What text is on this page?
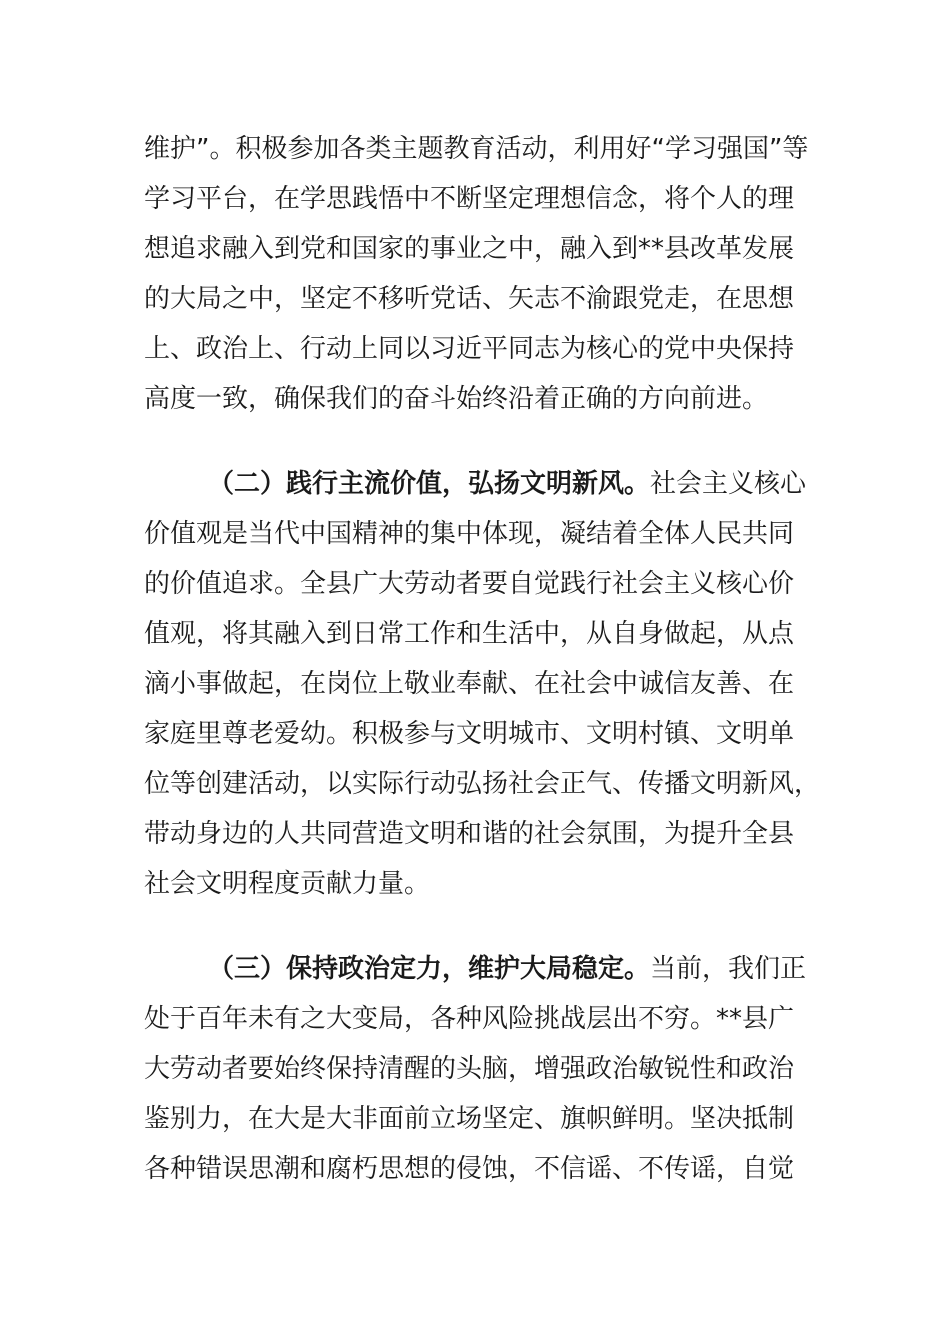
维护”。积极参加各类主题教育活动，利用好“学习强国”等
学习平台，在学思践悟中不断坚定理想信念，将个人的理
想追求融入到党和国家的事业之中，融入到**县改革发展
的大局之中，坚定不移听党话、矢志不渝跟党走，在思想
上、政治上、行动上同以习近平同志为核心的党中央保持
高度一致，确保我们的奋斗始终沿着正确的方向前进。
（二）践行主流价值，弘扬文明新风。社会主义核心
价值观是当代中国精神的集中体现，凝结着全体人民共同
的价值追求。全县广大劳动者要自觉践行社会主义核心价
值观，将其融入到日常工作和生活中，从自身做起，从点
滴小事做起，在岗位上敬业奉献、在社会中诚信友善、在
家庭里尊老爱幼。积极参与文明城市、文明村镇、文明单
位等创建活动，以实际行动弘扬社会正气、传播文明新风，
带动身边的人共同营造文明和谐的社会氛围，为提升全县
社会文明程度贡献力量。
（三）保持政治定力，维护大局稳定。当前，我们正
处于百年未有之大变局，各种风险挑战层出不穷。**县广
大劳动者要始终保持清醒的头脑，增强政治敏锐性和政治
鉴别力，在大是大非面前立场坚定、旗帜鲜明。坚决抵制
各种错误思潮和腐朽思想的侵蚀，不信谣、不传谣，自觉
